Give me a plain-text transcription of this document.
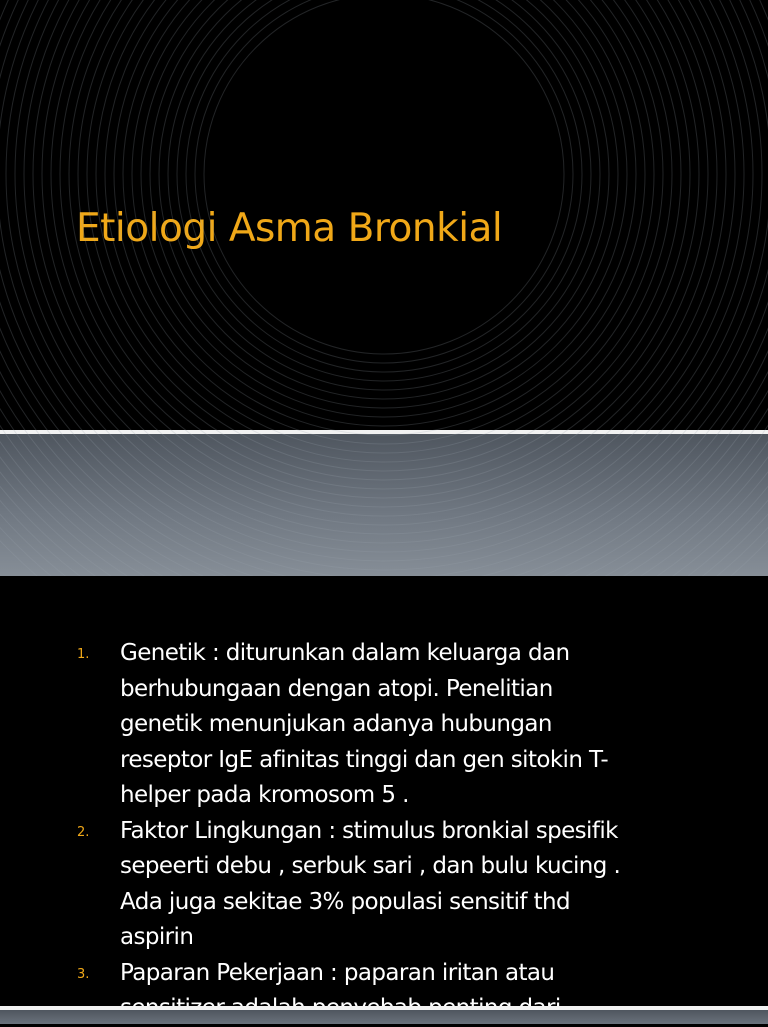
Etiologi Asma Bronkial
1. Genetik : diturunkan dalam keluarga dan berhubungaan dengan atopi. Penelitian genetik menunjukan adanya hubungan reseptor IgE afinitas tinggi dan gen sitokin T-helper pada kromosom 5 .

2. Faktor Lingkungan : stimulus bronkial spesifik sepeerti debu , serbuk sari , dan bulu kucing . Ada juga sekitae 3% populasi sensitif thd aspirin

3. Paparan Pekerjaan : paparan iritan atau
